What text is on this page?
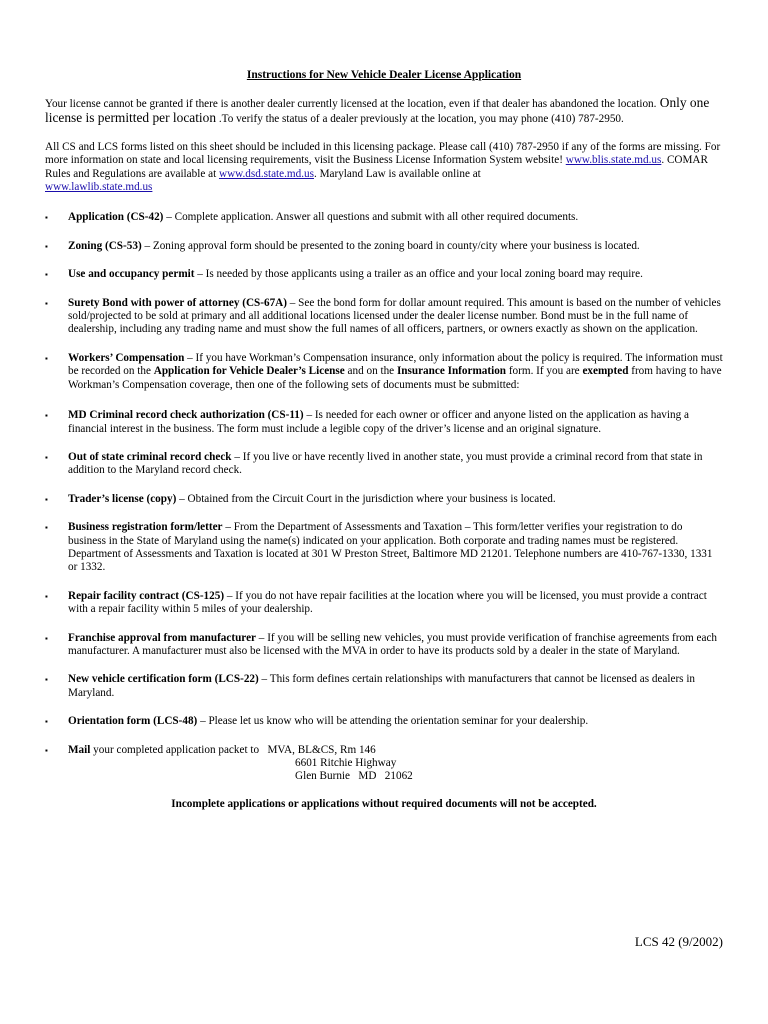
Instructions for New Vehicle Dealer License Application

Your license cannot be granted if there is another dealer currently licensed at the location, even if that dealer has abandoned the location. Only one license is permitted per location .To verify the status of a dealer previously at the location, you may phone (410) 787-2950.

All CS and LCS forms listed on this sheet should be included in this licensing package. Please call (410) 787-2950 if any of the forms are missing. For more information on state and local licensing requirements, visit the Business License Information System website! www.blis.state.md.us. COMAR Rules and Regulations are available at www.dsd.state.md.us. Maryland Law is available online at
www.lawlib.state.md.us

▪ Application (CS-42) – Complete application. Answer all questions and submit with all other required documents.
▪ Zoning (CS-53) – Zoning approval form should be presented to the zoning board in county/city where your business is located.
▪ Use and occupancy permit – Is needed by those applicants using a trailer as an office and your local zoning board may require.
▪ Surety Bond with power of attorney (CS-67A) – See the bond form for dollar amount required. This amount is based on the number of vehicles sold/projected to be sold at primary and all additional locations licensed under the dealer license number. Bond must be in the full name of dealership, including any trading name and must show the full names of all officers, partners, or owners exactly as shown on the application.
▪ Workers’ Compensation – If you have Workman’s Compensation insurance, only information about the policy is required. The information must be recorded on the Application for Vehicle Dealer’s License and on the Insurance Information form. If you are exempted from having to have Workman’s Compensation coverage, then one of the following sets of documents must be submitted:
▪ MD Criminal record check authorization (CS-11) – Is needed for each owner or officer and anyone listed on the application as having a financial interest in the business. The form must include a legible copy of the driver’s license and an original signature.
▪ Out of state criminal record check – If you live or have recently lived in another state, you must provide a criminal record from that state in addition to the Maryland record check.
▪ Trader’s license (copy) – Obtained from the Circuit Court in the jurisdiction where your business is located.
▪ Business registration form/letter – From the Department of Assessments and Taxation – This form/letter verifies your registration to do business in the State of Maryland using the name(s) indicated on your application. Both corporate and trading names must be registered. Department of Assessments and Taxation is located at 301 W Preston Street, Baltimore MD 21201. Telephone numbers are 410-767-1330, 1331 or 1332.
▪ Repair facility contract (CS-125) – If you do not have repair facilities at the location where you will be licensed, you must provide a contract with a repair facility within 5 miles of your dealership.
▪ Franchise approval from manufacturer – If you will be selling new vehicles, you must provide verification of franchise agreements from each manufacturer. A manufacturer must also be licensed with the MVA in order to have its products sold by a dealer in the state of Maryland.
▪ New vehicle certification form (LCS-22) – This form defines certain relationships with manufacturers that cannot be licensed as dealers in Maryland.
▪ Orientation form (LCS-48) – Please let us know who will be attending the orientation seminar for your dealership.
▪ Mail your completed application packet to   MVA, BL&CS, Rm 146
6601 Ritchie Highway
Glen Burnie   MD   21062

Incomplete applications or applications without required documents will not be accepted.

LCS 42 (9/2002)
